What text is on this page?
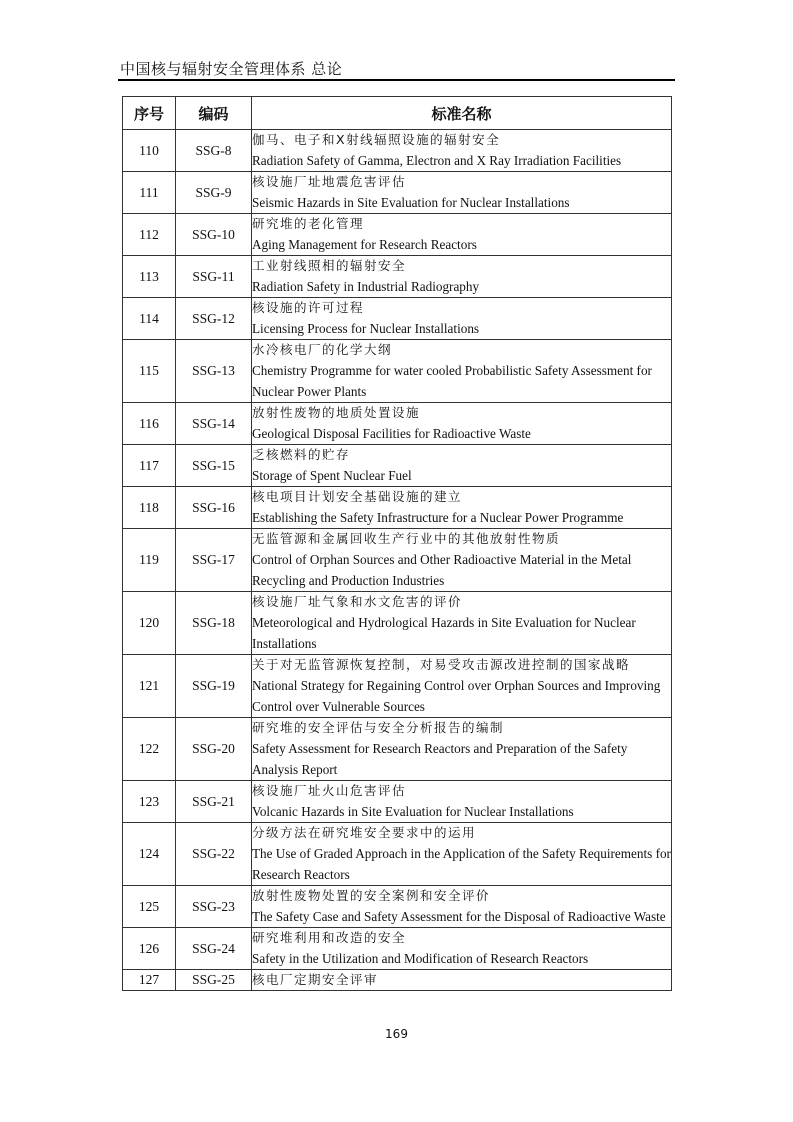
中国核与辐射安全管理体系 总论
序号	编码	标准名称
110	SSG-8	伽马、电子和X射线辐照设施的辐射安全
Radiation Safety of Gamma, Electron and X Ray Irradiation Facilities

111	SSG-9	核设施厂址地震危害评估
Seismic Hazards in Site Evaluation for Nuclear Installations

112	SSG-10	研究堆的老化管理
Aging Management for Research Reactors

113	SSG-11	工业射线照相的辐射安全
Radiation Safety in Industrial Radiography

114	SSG-12	核设施的许可过程
Licensing Process for Nuclear Installations

115	SSG-13	水冷核电厂的化学大纲
Chemistry Programme for water cooled Probabilistic Safety Assessment for Nuclear Power Plants

116	SSG-14	放射性废物的地质处置设施
Geological Disposal Facilities for Radioactive Waste

117	SSG-15	乏核燃料的贮存
Storage of Spent Nuclear Fuel

118	SSG-16	核电项目计划安全基础设施的建立
Establishing the Safety Infrastructure for a Nuclear Power Programme

119	SSG-17	无监管源和金属回收生产行业中的其他放射性物质
Control of Orphan Sources and Other Radioactive Material in the Metal Recycling and Production Industries

120	SSG-18	核设施厂址气象和水文危害的评价
Meteorological and Hydrological Hazards in Site Evaluation for Nuclear Installations

121	SSG-19	关于对无监管源恢复控制，对易受攻击源改进控制的国家战略
National Strategy for Regaining Control over Orphan Sources and Improving Control over Vulnerable Sources

122	SSG-20	研究堆的安全评估与安全分析报告的编制
Safety Assessment for Research Reactors and Preparation of the Safety Analysis Report

123	SSG-21	核设施厂址火山危害评估
Volcanic Hazards in Site Evaluation for Nuclear Installations

124	SSG-22	分级方法在研究堆安全要求中的运用
The Use of Graded Approach in the Application of the Safety Requirements for Research Reactors

125	SSG-23	放射性废物处置的安全案例和安全评价
The Safety Case and Safety Assessment for the Disposal of Radioactive Waste

126	SSG-24	研究堆利用和改造的安全
Safety in the Utilization and Modification of Research Reactors

127	SSG-25	核电厂定期安全评审
169
